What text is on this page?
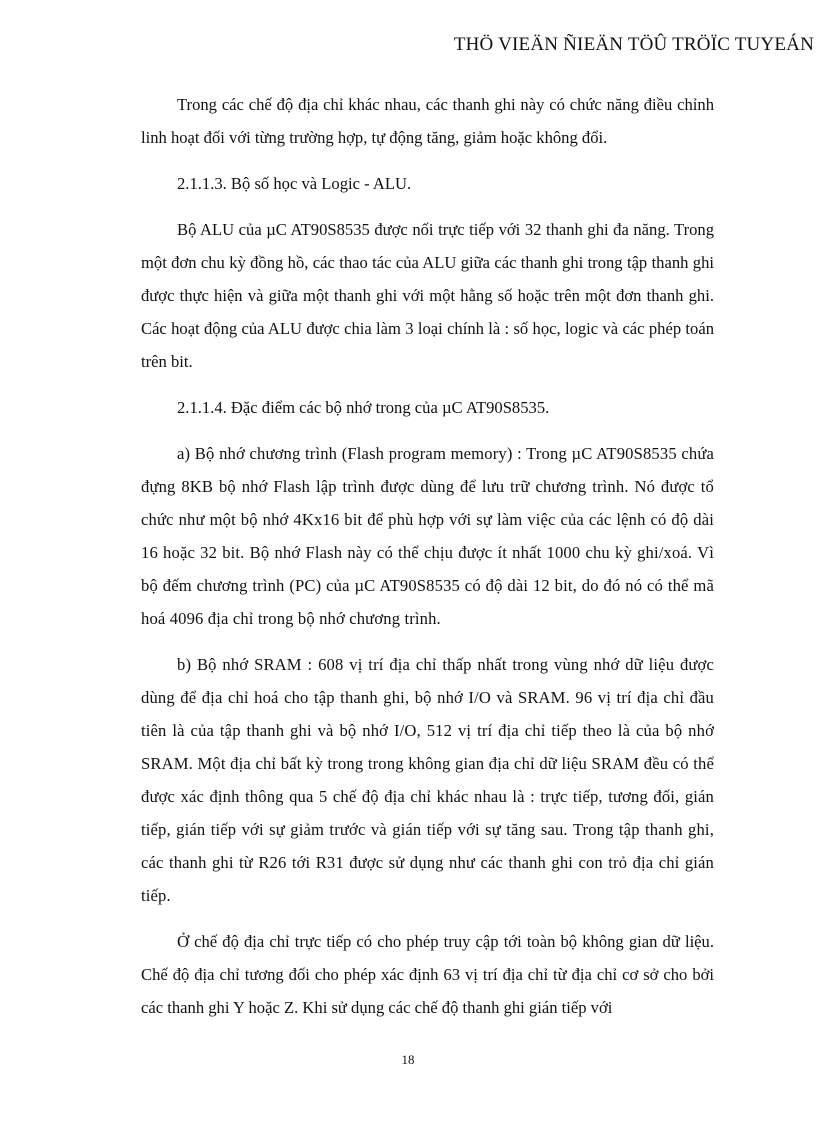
THÖ VIEÄN ÑIEÄN TÖÛ TRÖÏC TUYEÁN

Trong các chế độ địa chỉ khác nhau, các thanh ghi này có chức năng điều chỉnh linh hoạt đối với từng trường hợp, tự động tăng, giảm hoặc không đổi.

2.1.1.3. Bộ số học và Logic - ALU.

Bộ ALU của µC AT90S8535 được nối trực tiếp với 32 thanh ghi đa năng. Trong một đơn chu kỳ đồng hồ, các thao tác của ALU giữa các thanh ghi trong tập thanh ghi được thực hiện và giữa một thanh ghi với một hằng số hoặc trên một đơn thanh ghi. Các hoạt động của ALU được chia làm 3 loại chính là : số học, logic và các phép toán trên bit.

2.1.1.4. Đặc điểm các bộ nhớ trong của µC AT90S8535.

a) Bộ nhớ chương trình (Flash program memory) : Trong µC AT90S8535 chứa đựng 8KB bộ nhớ Flash lập trình được dùng để lưu trữ chương trình. Nó được tổ chức như một bộ nhớ 4Kx16 bit để phù hợp với sự làm việc của các lệnh có độ dài 16 hoặc 32 bit. Bộ nhớ Flash này có thể chịu được ít nhất 1000 chu kỳ ghi/xoá. Vì bộ đếm chương trình (PC) của µC AT90S8535 có độ dài 12 bit, do đó nó có thể mã hoá 4096 địa chỉ trong bộ nhớ chương trình.

b) Bộ nhớ SRAM : 608 vị trí địa chỉ thấp nhất trong vùng nhớ dữ liệu được dùng để địa chỉ hoá cho tập thanh ghi, bộ nhớ I/O và SRAM. 96 vị trí địa chỉ đầu tiên là của tập thanh ghi và bộ nhớ I/O, 512 vị trí địa chỉ tiếp theo là của bộ nhớ SRAM. Một địa chỉ bất kỳ trong trong không gian địa chỉ dữ liệu SRAM đều có thể được xác định thông qua 5 chế độ địa chỉ khác nhau là : trực tiếp, tương đối, gián tiếp, gián tiếp với sự giảm trước và gián tiếp với sự tăng sau. Trong tập thanh ghi, các thanh ghi từ R26 tới R31 được sử dụng như các thanh ghi con trỏ địa chỉ gián tiếp.

Ở chế độ địa chỉ trực tiếp có cho phép truy cập tới toàn bộ không gian dữ liệu. Chế độ địa chỉ tương đối cho phép xác định 63 vị trí địa chỉ từ địa chỉ cơ sở cho bởi các thanh ghi Y hoặc Z. Khi sử dụng các chế độ thanh ghi gián tiếp với

18
